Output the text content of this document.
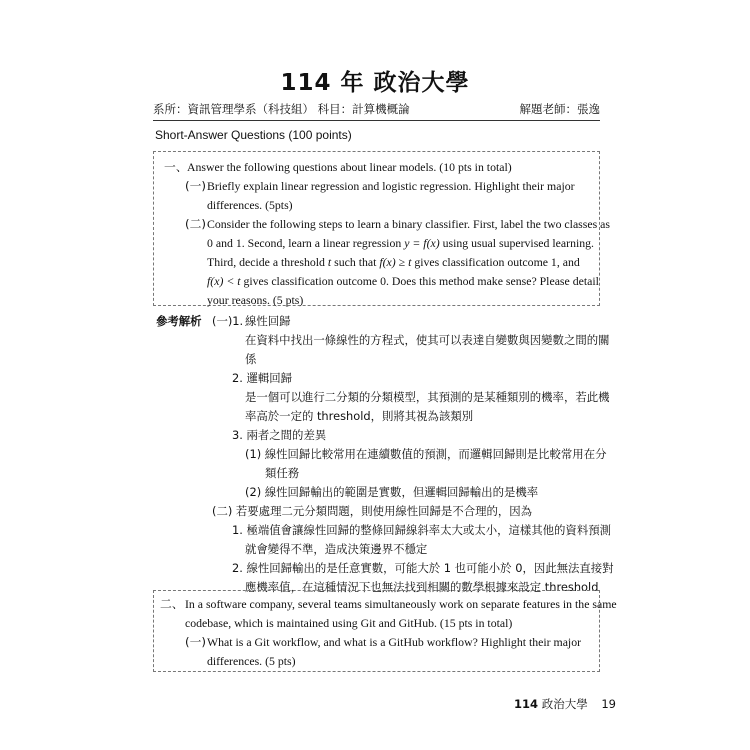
114 年 政治大學
系所：資訊管理學系（科技組） 科目：計算機概論	解題老師：張逸
Short-Answer Questions (100 points)
一、 Answer the following questions about linear models. (10 pts in total)
(一) Briefly explain linear regression and logistic regression. Highlight their major
differences. (5pts)
(二) Consider the following steps to learn a binary classifier. First, label the two classes as
0 and 1. Second, learn a linear regression y = f(x) using usual supervised learning.
Third, decide a threshold t such that f(x) ≥ t gives classification outcome 1, and
f(x) < t gives classification outcome 0. Does this method make sense? Please detail
your reasons. (5 pts)
參考解析 (一)1. 線性回歸
在資料中找出一條線性的方程式，使其可以表達自變數與因變數之間的關
係
2. 邏輯回歸
是一個可以進行二分類的分類模型，其預測的是某種類別的機率，若此機
率高於一定的 threshold，則將其視為該類別
3. 兩者之間的差異
(1) 線性回歸比較常用在連續數值的預測，而邏輯回歸則是比較常用在分
類任務
(2) 線性回歸輸出的範圍是實數，但邏輯回歸輸出的是機率
(二) 若要處理二元分類問題，則使用線性回歸是不合理的，因為
1. 極端值會讓線性回歸的整條回歸線斜率太大或太小，這樣其他的資料預測
就會變得不準，造成決策邊界不穩定
2. 線性回歸輸出的是任意實數，可能大於 1 也可能小於 0，因此無法直接對
應機率值，在這種情況下也無法找到相關的數學根據來設定 threshold
二、 In a software company, several teams simultaneously work on separate features in the same
codebase, which is maintained using Git and GitHub. (15 pts in total)
(一) What is a Git workflow, and what is a GitHub workflow? Highlight their major
differences. (5 pts)
114 政治大學 19
